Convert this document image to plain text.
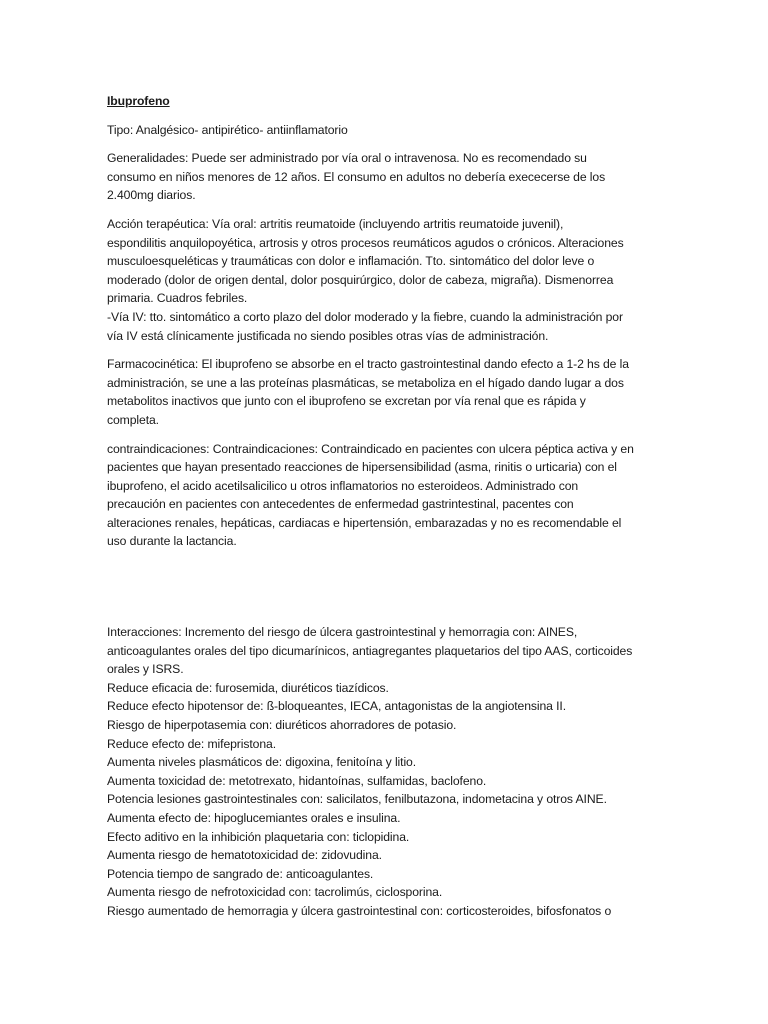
Ibuprofeno
Tipo: Analgésico- antipirético- antiinflamatorio
Generalidades: Puede ser administrado por vía oral o intravenosa. No es recomendado su
consumo en niños menores de 12 años. El consumo en adultos no debería exececerse de los
2.400mg diarios.
Acción terapéutica: Vía oral: artritis reumatoide (incluyendo artritis reumatoide juvenil),
espondilitis anquilopoyética, artrosis y otros procesos reumáticos agudos o crónicos. Alteraciones
musculoesqueléticas y traumáticas con dolor e inflamación. Tto. sintomático del dolor leve o
moderado (dolor de origen dental, dolor posquirúrgico, dolor de cabeza, migraña). Dismenorrea
primaria. Cuadros febriles.
-Vía IV: tto. sintomático a corto plazo del dolor moderado y la fiebre, cuando la administración por
vía IV está clínicamente justificada no siendo posibles otras vías de administración.
Farmacocinética: El ibuprofeno se absorbe en el tracto gastrointestinal dando efecto a 1-2 hs de la
administración, se une a las proteínas plasmáticas, se metaboliza en el hígado dando lugar a dos
metabolitos inactivos que junto con el ibuprofeno se excretan por vía renal que es rápida y
completa.
contraindicaciones: Contraindicaciones: Contraindicado en pacientes con ulcera péptica activa y en
pacientes que hayan presentado reacciones de hipersensibilidad (asma, rinitis o urticaria) con el
ibuprofeno, el acido acetilsalicilico u otros inflamatorios no esteroideos. Administrado con
precaución en pacientes con antecedentes de enfermedad gastrintestinal, pacentes con
alteraciones renales, hepáticas, cardiacas e hipertensión, embarazadas y no es recomendable el
uso durante la lactancia.
Interacciones: Incremento del riesgo de úlcera gastrointestinal y hemorragia con: AINES,
anticoagulantes orales del tipo dicumarínicos, antiagregantes plaquetarios del tipo AAS, corticoides
orales y ISRS.
Reduce eficacia de: furosemida, diuréticos tiazídicos.
Reduce efecto hipotensor de: ß-bloqueantes, IECA, antagonistas de la angiotensina II.
Riesgo de hiperpotasemia con: diuréticos ahorradores de potasio.
Reduce efecto de: mifepristona.
Aumenta niveles plasmáticos de: digoxina, fenitoína y litio.
Aumenta toxicidad de: metotrexato, hidantoínas, sulfamidas, baclofeno.
Potencia lesiones gastrointestinales con: salicilatos, fenilbutazona, indometacina y otros AINE.
Aumenta efecto de: hipoglucemiantes orales e insulina.
Efecto aditivo en la inhibición plaquetaria con: ticlopidina.
Aumenta riesgo de hematotoxicidad de: zidovudina.
Potencia tiempo de sangrado de: anticoagulantes.
Aumenta riesgo de nefrotoxicidad con: tacrolimús, ciclosporina.
Riesgo aumentado de hemorragia y úlcera gastrointestinal con: corticosteroides, bifosfonatos o
